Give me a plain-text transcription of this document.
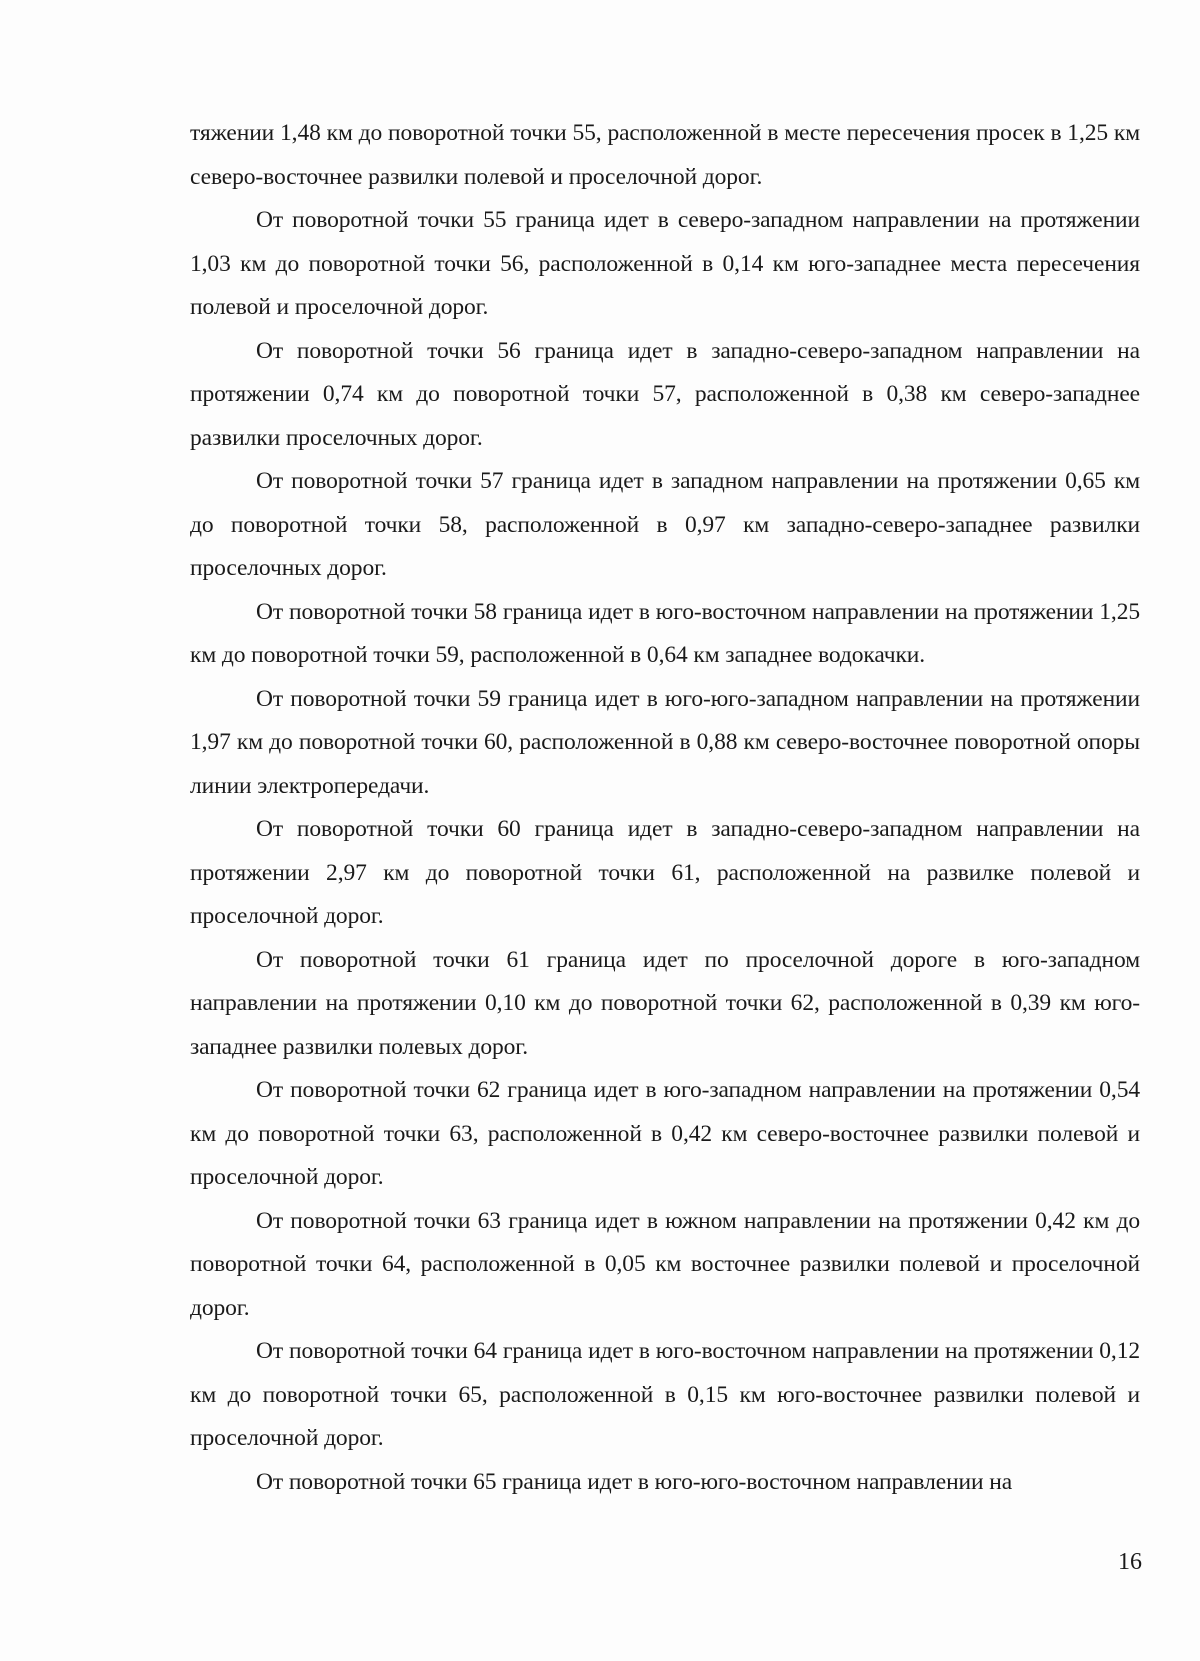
тяжении 1,48 км до поворотной точки 55, расположенной в месте пересечения просек в 1,25 км северо-восточнее развилки полевой и проселочной дорог.

От поворотной точки 55 граница идет в северо-западном направлении на протяжении 1,03 км до поворотной точки 56, расположенной в 0,14 км юго-западнее места пересечения полевой и проселочной дорог.

От поворотной точки 56 граница идет в западно-северо-западном направлении на протяжении 0,74 км до поворотной точки 57, расположенной в 0,38 км северо-западнее развилки проселочных дорог.

От поворотной точки 57 граница идет в западном направлении на протяжении 0,65 км до поворотной точки 58, расположенной в 0,97 км западно-северо-западнее развилки проселочных дорог.

От поворотной точки 58 граница идет в юго-восточном направлении на протяжении 1,25 км до поворотной точки 59, расположенной в 0,64 км западнее водокачки.

От поворотной точки 59 граница идет в юго-юго-западном направлении на протяжении 1,97 км до поворотной точки 60, расположенной в 0,88 км северо-восточнее поворотной опоры линии электропередачи.

От поворотной точки 60 граница идет в западно-северо-западном направлении на протяжении 2,97 км до поворотной точки 61, расположенной на развилке полевой и проселочной дорог.

От поворотной точки 61 граница идет по проселочной дороге в юго-западном направлении на протяжении 0,10 км до поворотной точки 62, расположенной в 0,39 км юго-западнее развилки полевых дорог.

От поворотной точки 62 граница идет в юго-западном направлении на протяжении 0,54 км до поворотной точки 63, расположенной в 0,42 км северо-восточнее развилки полевой и проселочной дорог.

От поворотной точки 63 граница идет в южном направлении на протяжении 0,42 км до поворотной точки 64, расположенной в 0,05 км восточнее развилки полевой и проселочной дорог.

От поворотной точки 64 граница идет в юго-восточном направлении на протяжении 0,12 км до поворотной точки 65, расположенной в 0,15 км юго-восточнее развилки полевой и проселочной дорог.

От поворотной точки 65 граница идет в юго-юго-восточном направлении на

16
